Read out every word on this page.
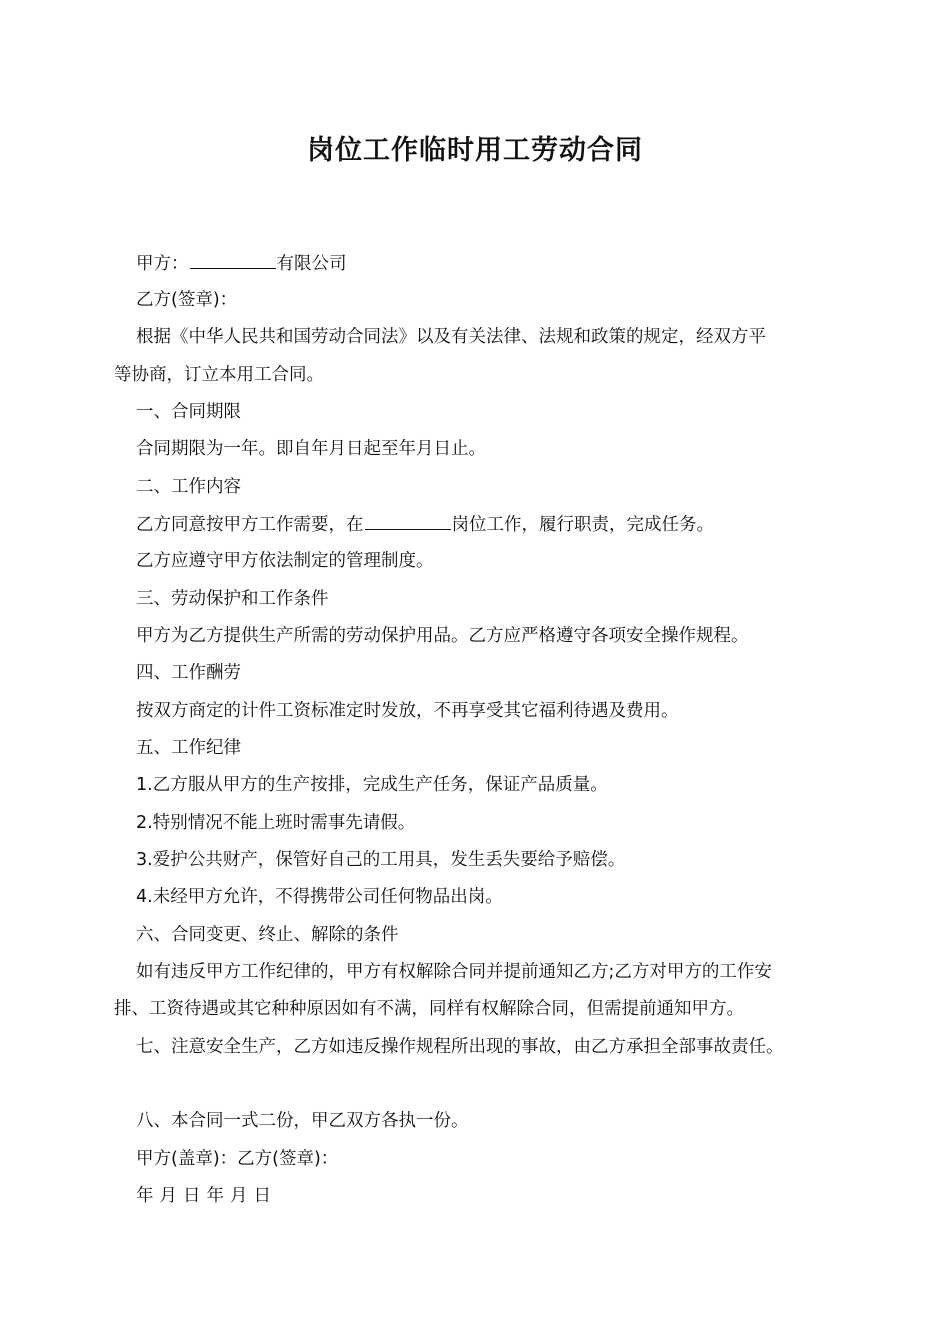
岗位工作临时用工劳动合同
甲方：	有限公司
乙方(签章)：
根据《中华人民共和国劳动合同法》以及有关法律、法规和政策的规定，经双方平
等协商，订立本用工合同。
一、合同期限
合同期限为一年。即自年月日起至年月日止。
二、工作内容
乙方同意按甲方工作需要，在	岗位工作，履行职责，完成任务。
乙方应遵守甲方依法制定的管理制度。
三、劳动保护和工作条件
甲方为乙方提供生产所需的劳动保护用品。乙方应严格遵守各项安全操作规程。
四、工作酬劳
按双方商定的计件工资标准定时发放，不再享受其它福利待遇及费用。
五、工作纪律
1.乙方服从甲方的生产按排，完成生产任务，保证产品质量。
2.特别情况不能上班时需事先请假。
3.爱护公共财产，保管好自己的工用具，发生丢失要给予赔偿。
4.未经甲方允许，不得携带公司任何物品出岗。
六、合同变更、终止、解除的条件
如有违反甲方工作纪律的，甲方有权解除合同并提前通知乙方;乙方对甲方的工作安
排、工资待遇或其它种种原因如有不满，同样有权解除合同，但需提前通知甲方。
七、注意安全生产，乙方如违反操作规程所出现的事故，由乙方承担全部事故责任。
八、本合同一式二份，甲乙双方各执一份。
甲方(盖章)：乙方(签章)：
年月日年月日
